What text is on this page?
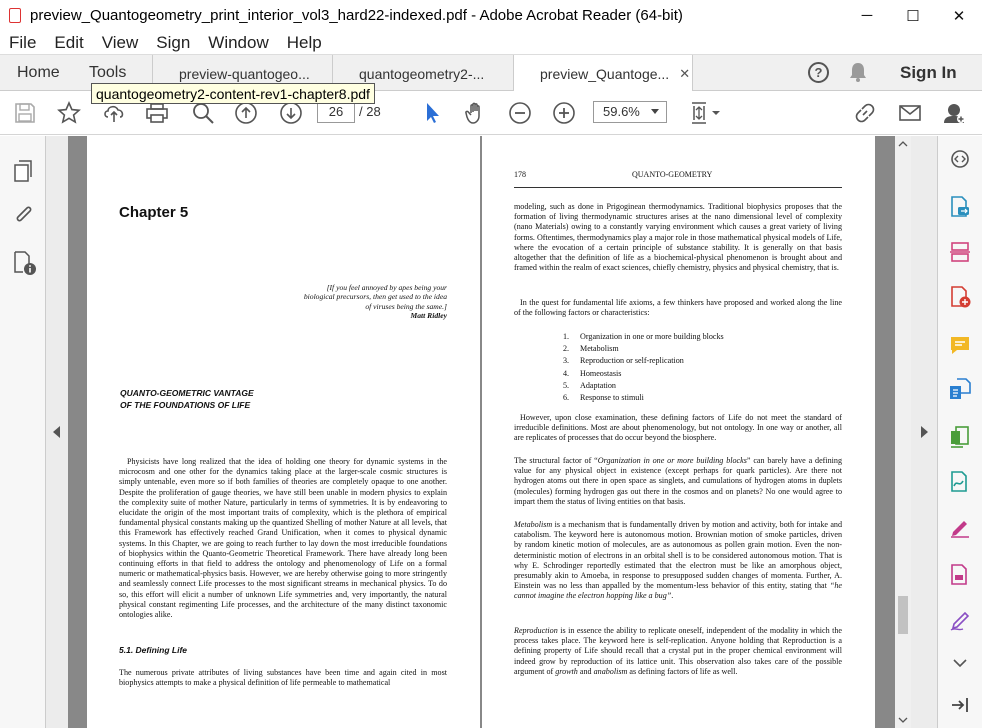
preview_Quantogeometry_print_interior_vol3_hard22-indexed.pdf - Adobe Acrobat Reader (64-bit)	─	☐	✕
File Edit View Sign Window Help
Home Tools	preview-quantogeo...	quantogeometry2-...	preview_Quantoge... ✕	?	Sign In
quantogeometry2-content-rev1-chapter8.pdf
26	/ 28	59.6%
Chapter 5
[If you feel annoyed by apes being your
biological precursors, then get used to the idea
of viruses being the same.]
Matt Ridley
QUANTO-GEOMETRIC VANTAGE
OF THE FOUNDATIONS OF LIFE
Physicists have long realized that the idea of holding one theory for dynamic systems in the microcosm and one other for the dynamics taking place at the larger-scale cosmic structures is simply untenable, even more so if both families of theories are completely opaque to one another. Despite the proliferation of gauge theories, we have still been unable in modern physics to explain the complexity suite of mother Nature, particularly in terms of symmetries. It is by endeavoring to elucidate the origin of the most important traits of complexity, which is the plethora of empirical fundamental physical constants making up the quantized Shelling of mother Nature at all levels, that this Framework has effectively reached Grand Unification, when it comes to physical dynamic systems. In this Chapter, we are going to reach further to lay down the most irreducible foundations of biophysics within the Quanto-Geometric Theoretical Framework. There have already long been continuing efforts in that field to address the ontology and phenomenology of Life on a formal numeric or mathematical-physics basis. However, we are hereby otherwise going to more stringently and seamlessly connect Life processes to the most significant streams in mechanical physics. To do so, this effort will elicit a number of unknown Life symmetries and, very importantly, the natural physical constant regimenting Life processes, and the architecture of the many distinct taxonomic ontologies alike.
5.1. Defining Life
The numerous private attributes of living substances have been time and again cited in most biophysics attempts to make a physical definition of life permeable to mathematical
178	QUANTO-GEOMETRY
modeling, such as done in Prigoginean thermodynamics. Traditional biophysics proposes that the formation of living thermodynamic structures arises at the nano dimensional level of complexity (nano Materials) owing to a constantly varying environment which causes a great variety of living forms. Oftentimes, thermodynamics play a major role in those mathematical physical models of Life, where the evocation of a certain principle of substance stability. It is generally on that basis altogether that the definition of life as a biochemical-physical phenomenon is brought about and framed within the realm of exact sciences, chiefly chemistry, physics and physical chemistry, that is.
In the quest for fundamental life axioms, a few thinkers have proposed and worked along the line of the following factors or characteristics:
1. Organization in one or more building blocks
2. Metabolism
3. Reproduction or self-replication
4. Homeostasis
5. Adaptation
6. Response to stimuli
However, upon close examination, these defining factors of Life do not meet the standard of irreducible definitions. Most are about phenomenology, but not ontology. In one way or another, all are replicates of processes that do occur beyond the biosphere.
The structural factor of “Organization in one or more building blocks” can barely have a defining value for any physical object in existence (except perhaps for quark particles). Are there not hydrogen atoms out there in open space as singlets, and cumulations of hydrogen atoms in duplets (molecules) forming hydrogen gas out there in the cosmos and on planets? No one would agree to impart them the status of living entities on that basis.
Metabolism is a mechanism that is fundamentally driven by motion and activity, both for intake and catabolism. The keyword here is autonomous motion. Brownian motion of smoke particles, driven by random kinetic motion of molecules, are as autonomous as pollen grain motion. Even the non-deterministic motion of electrons in an orbital shell is to be considered autonomous motion. That is why E. Schrodinger reportedly estimated that the electron must be like an amorphous object, presumably akin to Amoeba, in response to presupposed sudden changes of momenta. Further, A. Einstein was no less than appalled by the momentum-less behavior of this entity, stating that “he cannot imagine the electron hopping like a bug”.
Reproduction is in essence the ability to replicate oneself, independent of the modality in which the process takes place. The keyword here is self-replication. Anyone holding that Reproduction is a defining property of Life should recall that a crystal put in the proper chemical environment will indeed grow by reproduction of its lattice unit. This observation also takes care of the possible argument of growth and anabolism as defining factors of life as well.
